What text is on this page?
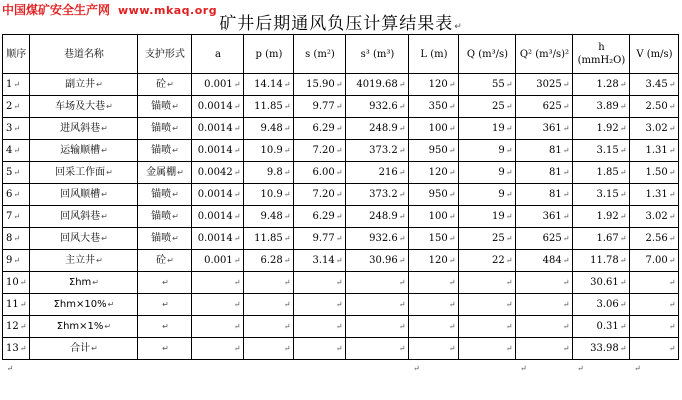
中国煤矿安全生产网 www.mkaq.org
矿井后期通风负压计算结果表↵
顺序	巷道名称	支护形式	a	p (m)	s (m²)	s³ (m³)	L (m)	Q (m³/s)	Q² (m³/s)²	h (mmH₂O)	V (m/s)
1↵	副立井↵	砼↵	0.001↵	14.14↵	15.90↵	4019.68↵	120↵	55↵	3025↵	1.28↵	3.45↵
2↵	车场及大巷↵	锚喷↵	0.0014↵	11.85↵	9.77↵	932.6↵	350↵	25↵	625↵	3.89↵	2.50↵
3↵	进风斜巷↵	锚喷↵	0.0014↵	9.48↵	6.29↵	248.9↵	100↵	19↵	361↵	1.92↵	3.02↵
4↵	运输顺槽↵	锚喷↵	0.0014↵	10.9↵	7.20↵	373.2↵	950↵	9↵	81↵	3.15↵	1.31↵
5↵	回采工作面↵	金属棚↵	0.0042↵	9.8↵	6.00↵	216↵	120↵	9↵	81↵	1.85↵	1.50↵
6↵	回风顺槽↵	锚喷↵	0.0014↵	10.9↵	7.20↵	373.2↵	950↵	9↵	81↵	3.15↵	1.31↵
7↵	回风斜巷↵	锚喷↵	0.0014↵	9.48↵	6.29↵	248.9↵	100↵	19↵	361↵	1.92↵	3.02↵
8↵	回风大巷↵	锚喷↵	0.0014↵	11.85↵	9.77↵	932.6↵	150↵	25↵	625↵	1.67↵	2.56↵
9↵	主立井↵	砼↵	0.001↵	6.28↵	3.14↵	30.96↵	120↵	22↵	484↵	11.78↵	7.00↵
10↵	Σhm↵	↵	↵	↵	↵	↵	↵	↵	↵	30.61↵	↵
11↵	Σhm×10%↵	↵	↵	↵	↵	↵	↵	↵	↵	3.06↵	↵
12↵	Σhm×1%↵	↵	↵	↵	↵	↵	↵	↵	↵	0.31↵	↵
13↵	合计↵	↵	↵	↵	↵	↵	↵	↵	↵	33.98↵	↵
↵							↵		↵	↵	↵
